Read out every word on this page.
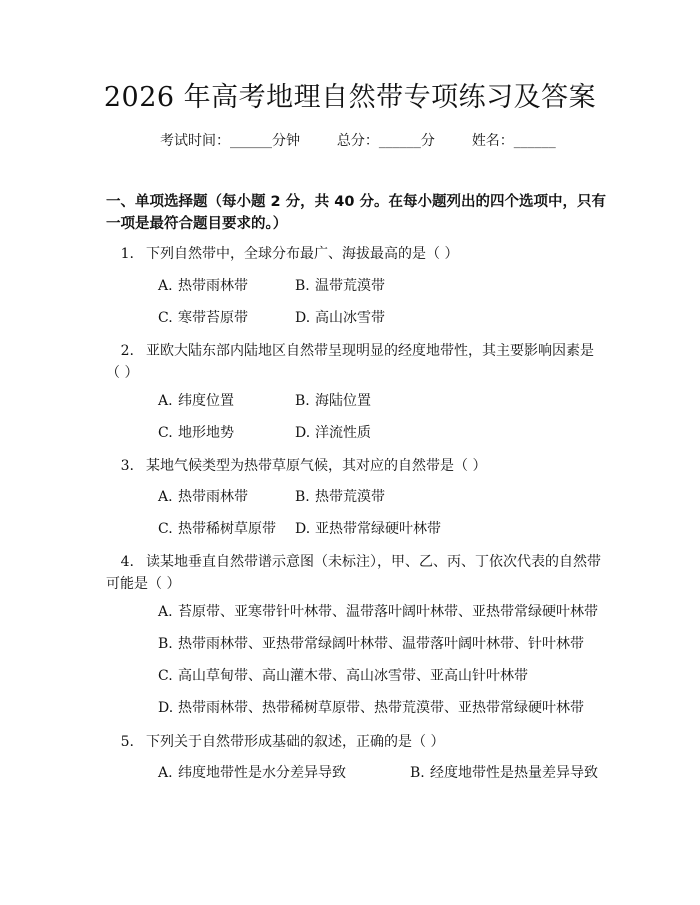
2026 年高考地理自然带专项练习及答案
考试时间：______分钟	总分：______分	姓名：______
一、单项选择题（每小题 2 分，共 40 分。在每小题列出的四个选项中，只有一项是最符合题目要求的。）
1. 下列自然带中，全球分布最广、海拔最高的是（ ）
A. 热带雨林带	B. 温带荒漠带
C. 寒带苔原带	D. 高山冰雪带
2. 亚欧大陆东部内陆地区自然带呈现明显的经度地带性，其主要影响因素是（ ）
A. 纬度位置	B. 海陆位置
C. 地形地势	D. 洋流性质
3. 某地气候类型为热带草原气候，其对应的自然带是（ ）
A. 热带雨林带	B. 热带荒漠带
C. 热带稀树草原带 D. 亚热带常绿硬叶林带
4. 读某地垂直自然带谱示意图（未标注），甲、乙、丙、丁依次代表的自然带可能是（ ）
A. 苔原带、亚寒带针叶林带、温带落叶阔叶林带、亚热带常绿硬叶林带
B. 热带雨林带、亚热带常绿阔叶林带、温带落叶阔叶林带、针叶林带
C. 高山草甸带、高山灌木带、高山冰雪带、亚高山针叶林带
D. 热带雨林带、热带稀树草原带、热带荒漠带、亚热带常绿硬叶林带
5. 下列关于自然带形成基础的叙述，正确的是（ ）
A. 纬度地带性是水分差异导致	B. 经度地带性是热量差异导致
